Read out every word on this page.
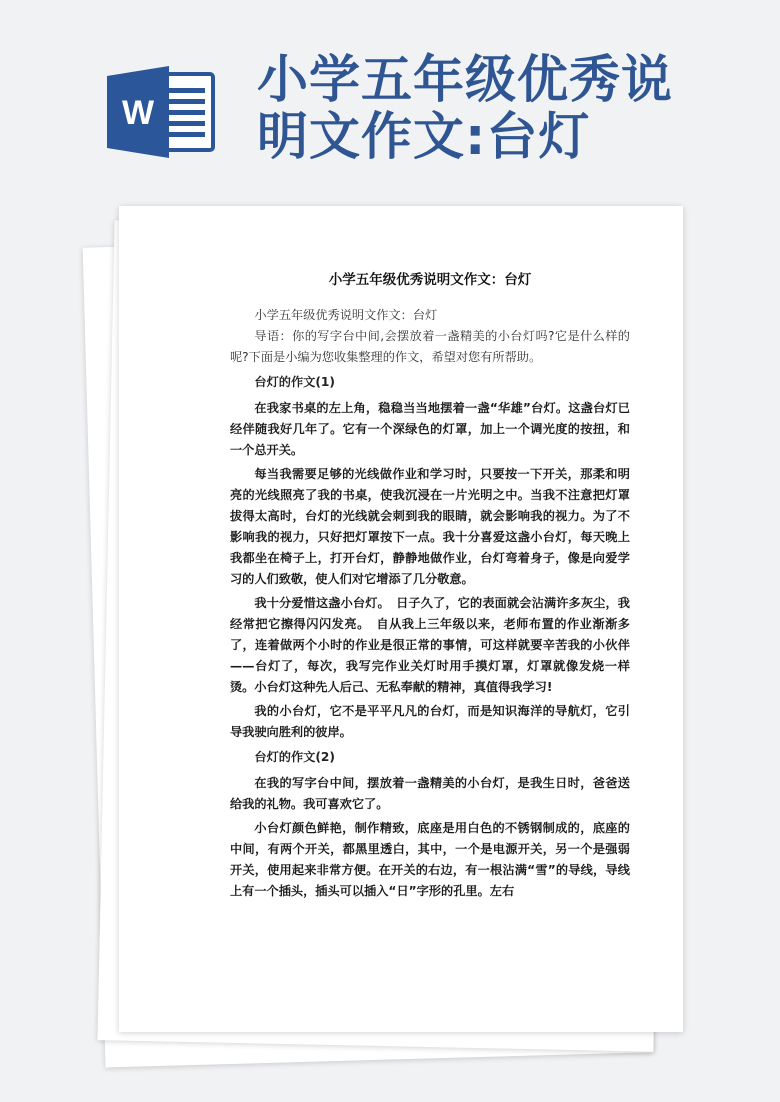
W
小学五年级优秀说
明文作文:台灯
小学五年级优秀说明文作文：台灯

小学五年级优秀说明文作文：台灯

导语：你的写字台中间,会摆放着一盏精美的小台灯吗?它是什么样的呢?下面是小编为您收集整理的作文，希望对您有所帮助。

台灯的作文(1)

在我家书桌的左上角，稳稳当当地摆着一盏“华雄”台灯。这盏台灯已经伴随我好几年了。它有一个深绿色的灯罩，加上一个调光度的按扭，和一个总开关。

每当我需要足够的光线做作业和学习时，只要按一下开关，那柔和明亮的光线照亮了我的书桌，使我沉浸在一片光明之中。当我不注意把灯罩拔得太高时，台灯的光线就会刺到我的眼睛，就会影响我的视力。为了不影响我的视力，只好把灯罩按下一点。我十分喜爱这盏小台灯，每天晚上我都坐在椅子上，打开台灯，静静地做作业，台灯弯着身子，像是向爱学习的人们致敬，使人们对它增添了几分敬意。

我十分爱惜这盏小台灯。　日子久了，它的表面就会沾满许多灰尘，我经常把它擦得闪闪发亮。　自从我上三年级以来，老师布置的作业渐渐多了，连着做两个小时的作业是很正常的事情，可这样就要辛苦我的小伙伴——台灯了，每次，我写完作业关灯时用手摸灯罩，灯罩就像发烧一样烫。小台灯这种先人后己、无私奉献的精神，真值得我学习!

我的小台灯，它不是平平凡凡的台灯，而是知识海洋的导航灯，它引导我驶向胜利的彼岸。

台灯的作文(2)

在我的写字台中间，摆放着一盏精美的小台灯，是我生日时，爸爸送给我的礼物。我可喜欢它了。

小台灯颜色鲜艳，制作精致，底座是用白色的不锈钢制成的，底座的中间，有两个开关，都黑里透白，其中，一个是电源开关，另一个是强弱开关，使用起来非常方便。在开关的右边，有一根沾满“雪”的导线，导线上有一个插头，插头可以插入“日”字形的孔里。左右
